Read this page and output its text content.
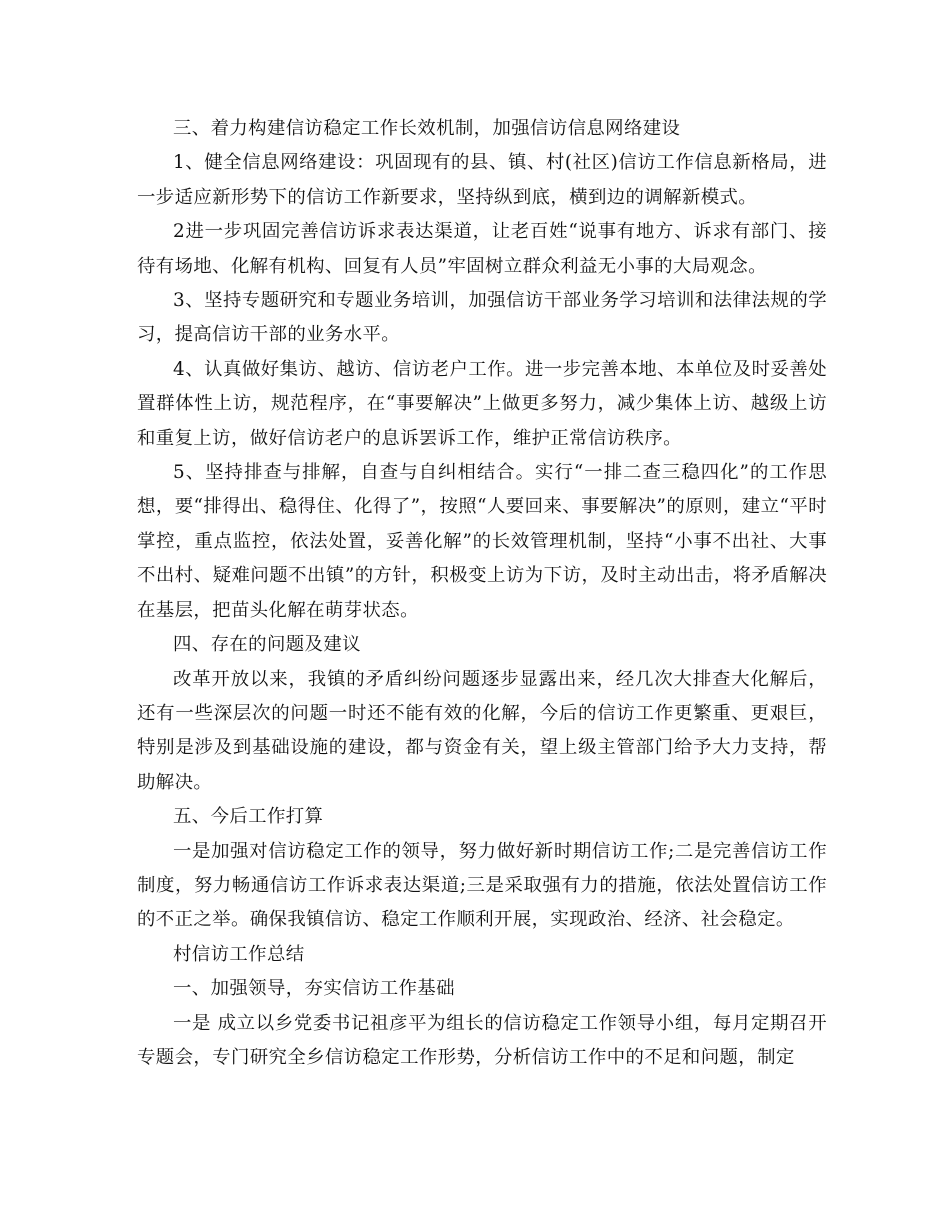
三、着力构建信访稳定工作长效机制，加强信访信息网络建设

1、健全信息网络建设：巩固现有的县、镇、村(社区)信访工作信息新格局，进一步适应新形势下的信访工作新要求，坚持纵到底，横到边的调解新模式。

2进一步巩固完善信访诉求表达渠道，让老百姓“说事有地方、诉求有部门、接待有场地、化解有机构、回复有人员”牢固树立群众利益无小事的大局观念。

3、坚持专题研究和专题业务培训，加强信访干部业务学习培训和法律法规的学习，提高信访干部的业务水平。

4、认真做好集访、越访、信访老户工作。进一步完善本地、本单位及时妥善处置群体性上访，规范程序，在“事要解决”上做更多努力，减少集体上访、越级上访和重复上访，做好信访老户的息诉罢诉工作，维护正常信访秩序。

5、坚持排查与排解，自查与自纠相结合。实行“一排二查三稳四化”的工作思想，要“排得出、稳得住、化得了”，按照“人要回来、事要解决”的原则，建立“平时掌控，重点监控，依法处置，妥善化解”的长效管理机制，坚持“小事不出社、大事不出村、疑难问题不出镇”的方针，积极变上访为下访，及时主动出击，将矛盾解决在基层，把苗头化解在萌芽状态。

四、存在的问题及建议

改革开放以来，我镇的矛盾纠纷问题逐步显露出来，经几次大排查大化解后，还有一些深层次的问题一时还不能有效的化解，今后的信访工作更繁重、更艰巨，特别是涉及到基础设施的建设，都与资金有关，望上级主管部门给予大力支持，帮助解决。

五、今后工作打算

一是加强对信访稳定工作的领导，努力做好新时期信访工作;二是完善信访工作制度，努力畅通信访工作诉求表达渠道;三是采取强有力的措施，依法处置信访工作的不正之举。确保我镇信访、稳定工作顺利开展，实现政治、经济、社会稳定。

村信访工作总结

一、加强领导，夯实信访工作基础

一是 成立以乡党委书记祖彦平为组长的信访稳定工作领导小组，每月定期召开专题会，专门研究全乡信访稳定工作形势，分析信访工作中的不足和问题，制定
